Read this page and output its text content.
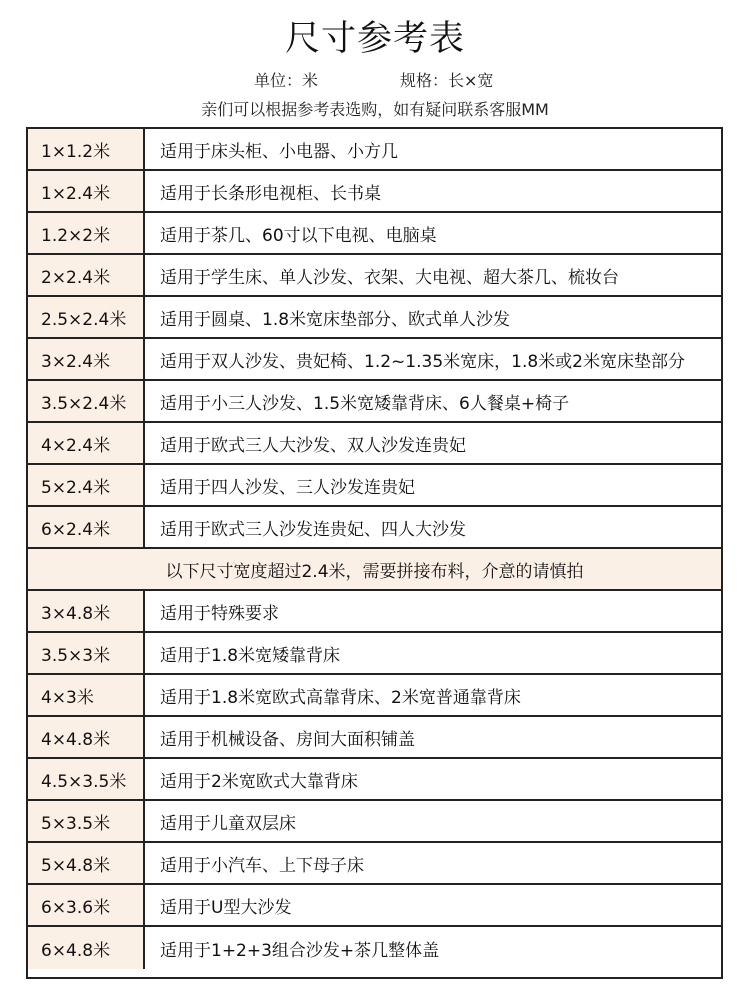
尺寸参考表
单位：米	规格：长×宽
亲们可以根据参考表选购，如有疑问联系客服MM
1×1.2米	适用于床头柜、小电器、小方几
1×2.4米	适用于长条形电视柜、长书桌
1.2×2米	适用于茶几、60寸以下电视、电脑桌
2×2.4米	适用于学生床、单人沙发、衣架、大电视、超大茶几、梳妆台
2.5×2.4米	适用于圆桌、1.8米宽床垫部分、欧式单人沙发
3×2.4米	适用于双人沙发、贵妃椅、1.2~1.35米宽床，1.8米或2米宽床垫部分
3.5×2.4米	适用于小三人沙发、1.5米宽矮靠背床、6人餐桌+椅子
4×2.4米	适用于欧式三人大沙发、双人沙发连贵妃
5×2.4米	适用于四人沙发、三人沙发连贵妃
6×2.4米	适用于欧式三人沙发连贵妃、四人大沙发
以下尺寸宽度超过2.4米，需要拼接布料，介意的请慎拍
3×4.8米	适用于特殊要求
3.5×3米	适用于1.8米宽矮靠背床
4×3米	适用于1.8米宽欧式高靠背床、2米宽普通靠背床
4×4.8米	适用于机械设备、房间大面积铺盖
4.5×3.5米	适用于2米宽欧式大靠背床
5×3.5米	适用于儿童双层床
5×4.8米	适用于小汽车、上下母子床
6×3.6米	适用于U型大沙发
6×4.8米	适用于1+2+3组合沙发+茶几整体盖
